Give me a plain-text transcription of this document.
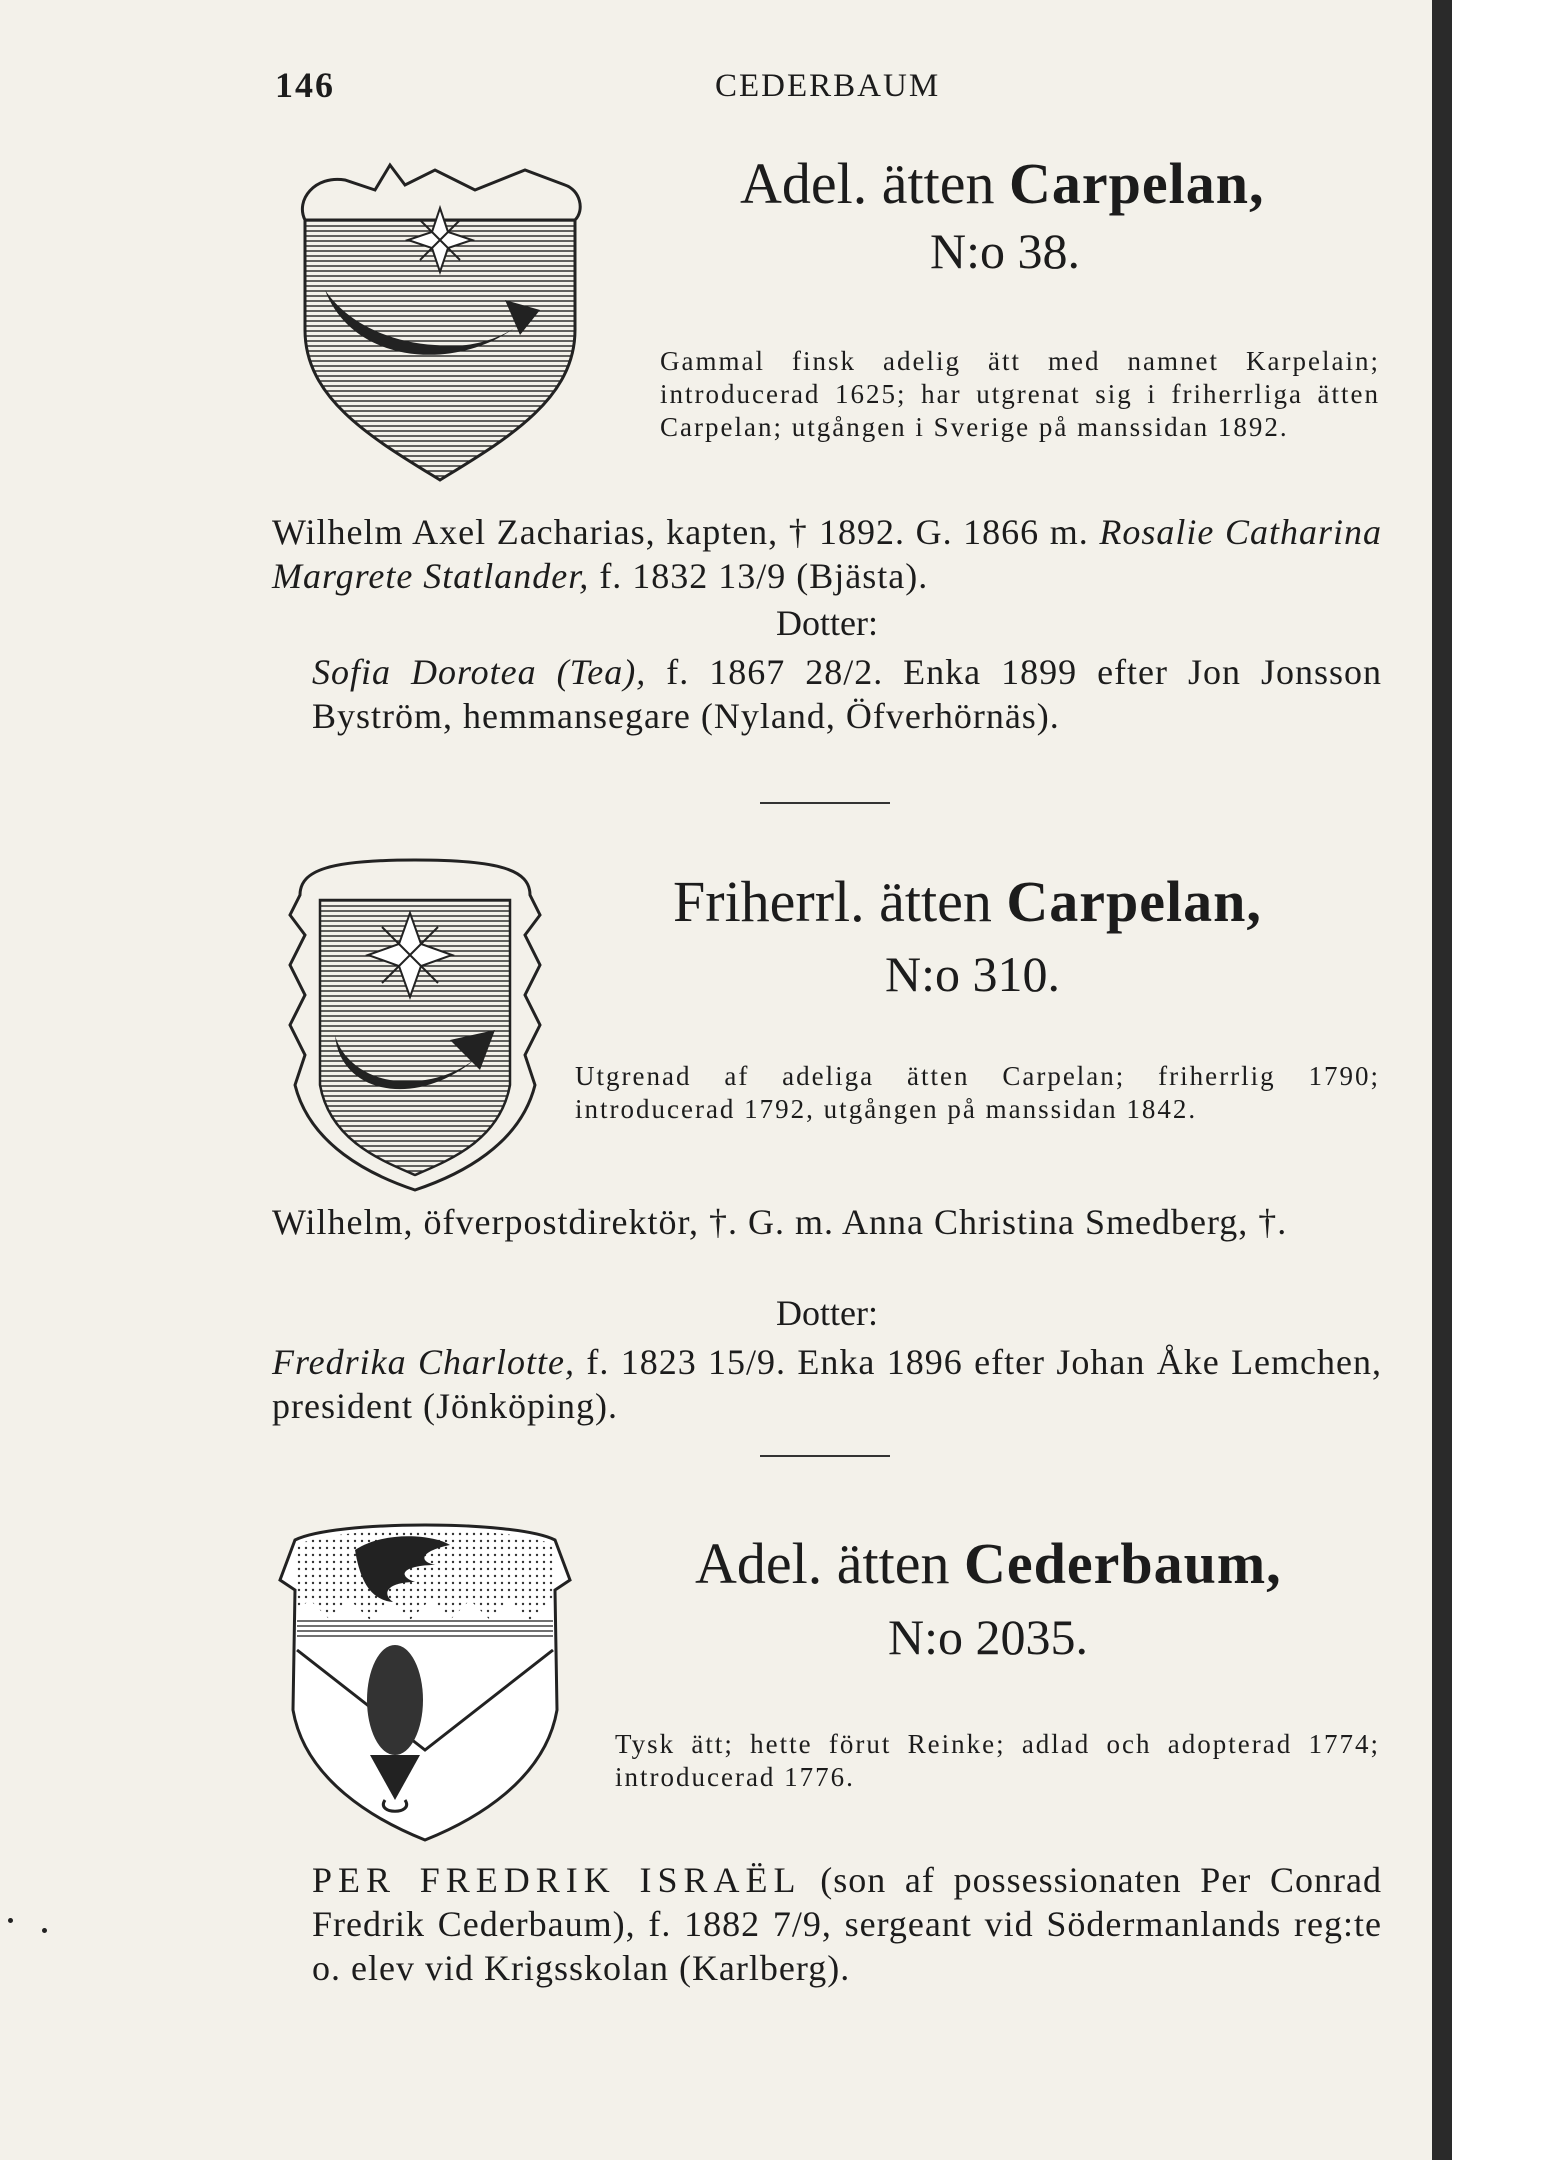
146	CEDERBAUM
Adel. ätten Carpelan,
N:o 38.
Gammal finsk adelig ätt med namnet Karpelain; introducerad 1625; har utgrenat sig i friherrliga ätten Carpelan; utgången i Sverige på manssidan 1892.
Wilhelm Axel Zacharias, kapten, † 1892. G. 1866 m. Rosalie Catharina Margrete Statlander, f. 1832 13/9 (Bjästa).
Dotter:
Sofia Dorotea (Tea), f. 1867 28/2. Enka 1899 efter Jon Jonsson Byström, hemmansegare (Nyland, Öfverhörnäs).
Friherrl. ätten Carpelan,
N:o 310.
Utgrenad af adeliga ätten Carpelan; friherrlig 1790; introducerad 1792, utgången på manssidan 1842.
Wilhelm, öfverpostdirektör, †. G. m. Anna Christina Smedberg, †.
Dotter:
Fredrika Charlotte, f. 1823 15/9. Enka 1896 efter Johan Åke Lemchen, president (Jönköping).
Adel. ätten Cederbaum,
N:o 2035.
Tysk ätt; hette förut Reinke; adlad och adopterad 1774; introducerad 1776.
PER FREDRIK ISRAËL (son af possessionaten Per Conrad Fredrik Cederbaum), f. 1882 7/9, sergeant vid Södermanlands reg:te o. elev vid Krigsskolan (Karlberg).
